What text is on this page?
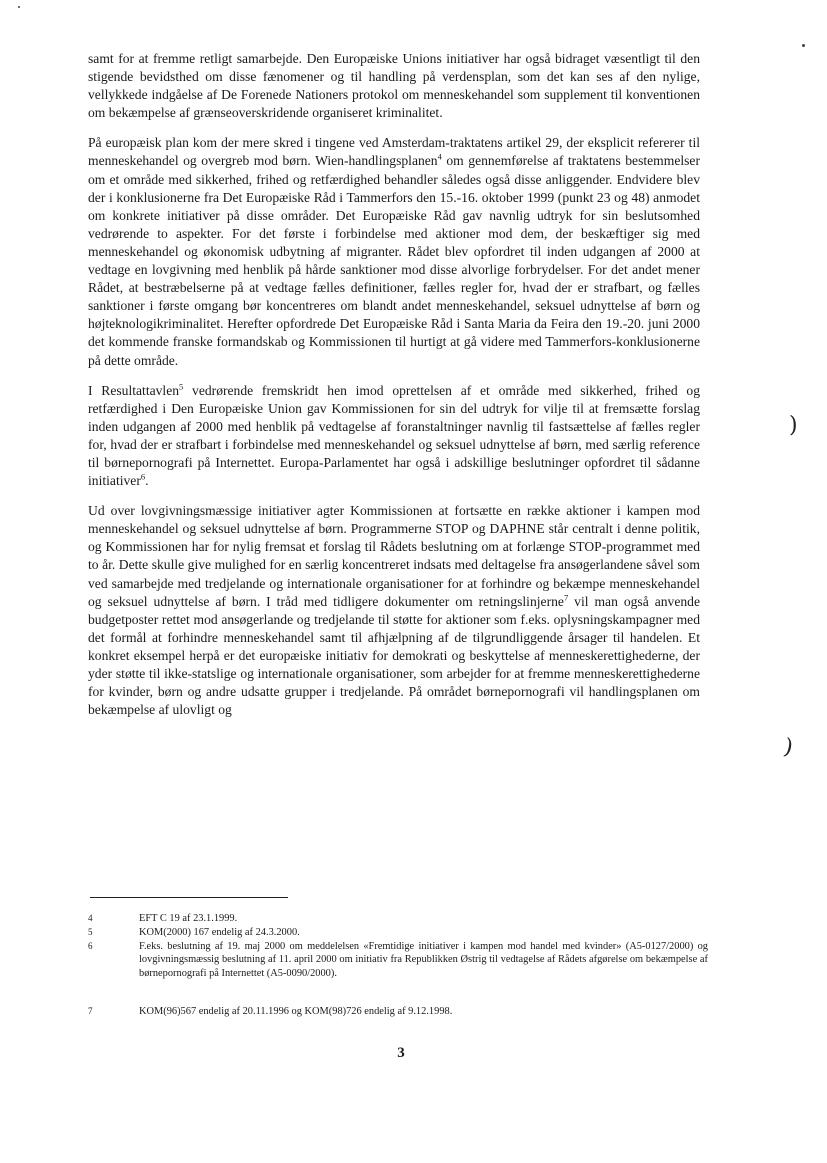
samt for at fremme retligt samarbejde. Den Europæiske Unions initiativer har også bidraget væsentligt til den stigende bevidsthed om disse fænomener og til handling på verdensplan, som det kan ses af den nylige, vellykkede indgåelse af De Forenede Nationers protokol om menneskehandel som supplement til konventionen om bekæmpelse af grænseoverskridende organiseret kriminalitet.

På europæisk plan kom der mere skred i tingene ved Amsterdam-traktatens artikel 29, der eksplicit refererer til menneskehandel og overgreb mod børn. Wien-handlingsplanen$^4$ om gennemførelse af traktatens bestemmelser om et område med sikkerhed, frihed og retfærdighed behandler således også disse anliggender. Endvidere blev der i konklusionerne fra Det Europæiske Råd i Tammerfors den 15.-16. oktober 1999 (punkt 23 og 48) anmodet om konkrete initiativer på disse områder. Det Europæiske Råd gav navnlig udtryk for sin beslutsomhed vedrørende to aspekter. For det første i forbindelse med aktioner mod dem, der beskæftiger sig med menneskehandel og økonomisk udbytning af migranter. Rådet blev opfordret til inden udgangen af 2000 at vedtage en lovgivning med henblik på hårde sanktioner mod disse alvorlige forbrydelser. For det andet mener Rådet, at bestræbelserne på at vedtage fælles definitioner, fælles regler for, hvad der er strafbart, og fælles sanktioner i første omgang bør koncentreres om blandt andet menneskehandel, seksuel udnyttelse af børn og højteknologikriminalitet. Herefter opfordrede Det Europæiske Råd i Santa Maria da Feira den 19.-20. juni 2000 det kommende franske formandskab og Kommissionen til hurtigt at gå videre med Tammerfors-konklusionerne på dette område.

I Resultattavlen$^5$ vedrørende fremskridt hen imod oprettelsen af et område med sikkerhed, frihed og retfærdighed i Den Europæiske Union gav Kommissionen for sin del udtryk for vilje til at fremsætte forslag inden udgangen af 2000 med henblik på vedtagelse af foranstaltninger navnlig til fastsættelse af fælles regler for, hvad der er strafbart i forbindelse med menneskehandel og seksuel udnyttelse af børn, med særlig reference til børnepornografi på Internettet. Europa-Parlamentet har også i adskillige beslutninger opfordret til sådanne initiativer$^6$.

Ud over lovgivningsmæssige initiativer agter Kommissionen at fortsætte en række aktioner i kampen mod menneskehandel og seksuel udnyttelse af børn. Programmerne STOP og DAPHNE står centralt i denne politik, og Kommissionen har for nylig fremsat et forslag til Rådets beslutning om at forlænge STOP-programmet med to år. Dette skulle give mulighed for en særlig koncentreret indsats med deltagelse fra ansøgerlandene såvel som ved samarbejde med tredjelande og internationale organisationer for at forhindre og bekæmpe menneskehandel og seksuel udnyttelse af børn. I tråd med tidligere dokumenter om retningslinjerne$^7$ vil man også anvende budgetposter rettet mod ansøgerlande og tredjelande til støtte for aktioner som f.eks. oplysningskampagner med det formål at forhindre menneskehandel samt til afhjælpning af de tilgrundliggende årsager til handelen. Et konkret eksempel herpå er det europæiske initiativ for demokrati og beskyttelse af menneskerettighederne, der yder støtte til ikke-statslige og internationale organisationer, som arbejder for at fremme menneskerettighederne for kvinder, børn og andre udsatte grupper i tredjelande. På området børnepornografi vil handlingsplanen om bekæmpelse af ulovligt og

4	EFT C 19 af 23.1.1999.
5	KOM(2000) 167 endelig af 24.3.2000.
6	F.eks. beslutning af 19. maj 2000 om meddelelsen «Fremtidige initiativer i kampen mod handel med kvinder» (A5-0127/2000) og lovgivningsmæssig beslutning af 11. april 2000 om initiativ fra Republikken Østrig til vedtagelse af Rådets afgørelse om bekæmpelse af børnepornografi på Internettet (A5-0090/2000).
7	KOM(96)567 endelig af 20.11.1996 og KOM(98)726 endelig af 9.12.1998.
3
)
)
